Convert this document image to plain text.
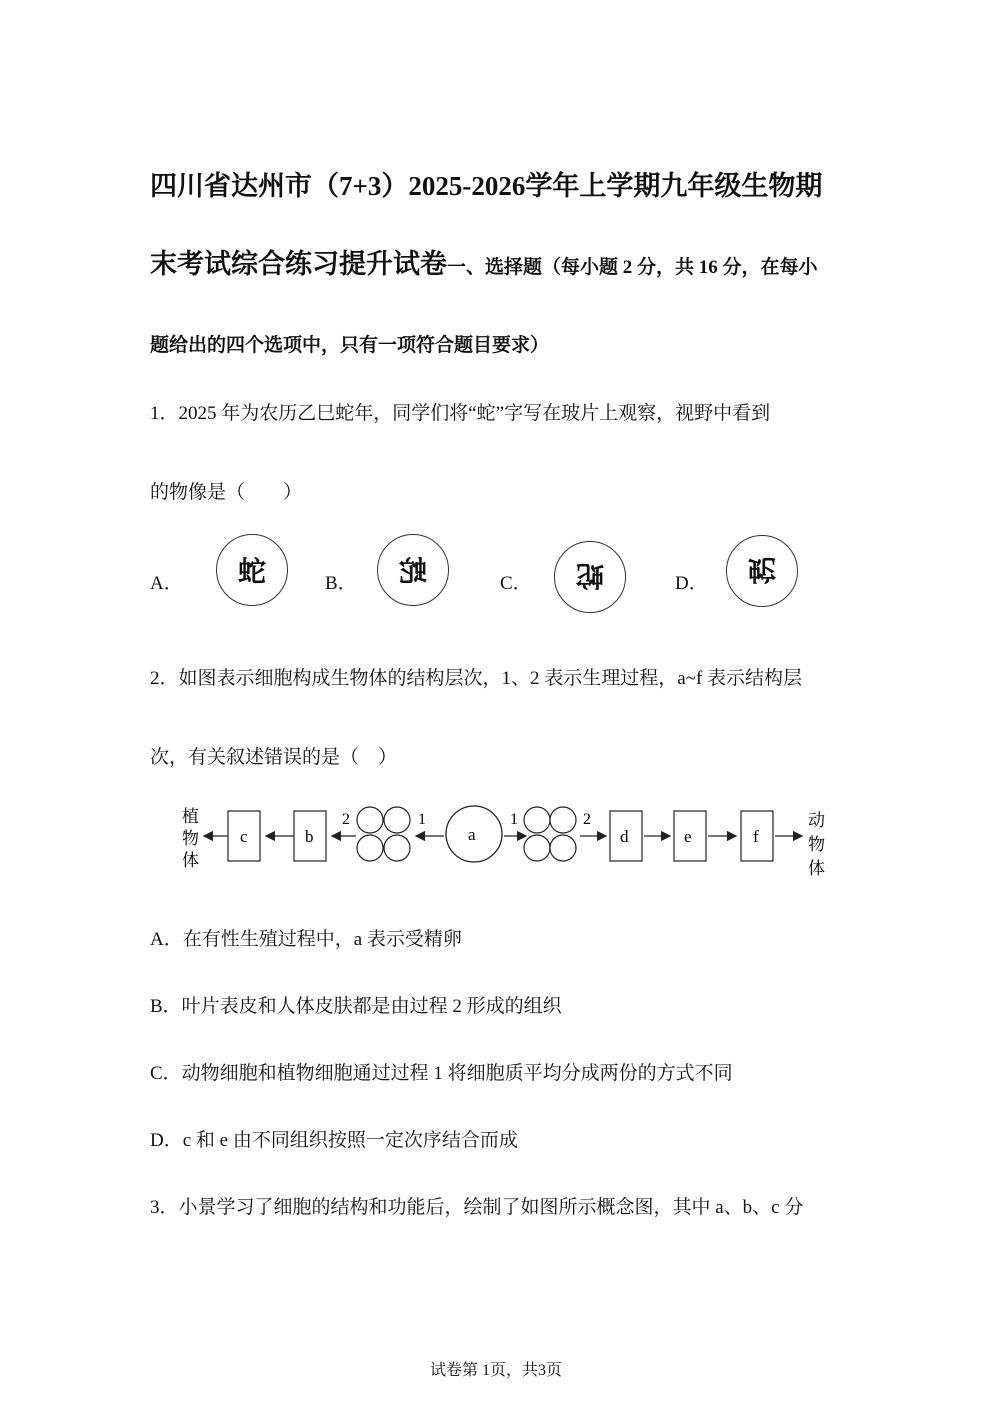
四川省达州市（7+3）2025-2026学年上学期九年级生物期
末考试综合练习提升试卷一、选择题（每小题 2 分，共 16 分，在每小
题给出的四个选项中，只有一项符合题目要求）
1．2025 年为农历乙巳蛇年，同学们将“蛇”字写在玻片上观察，视野中看到
的物像是（　　）
A． 蛇	B． 蛇	C． 蛇	D． 蛇
2．如图表示细胞构成生物体的结构层次，1、2 表示生理过程，a~f 表示结构层
次，有关叙述错误的是（　）
植
物
体
c	b
2	1
a
1	2
d	e	f
动
物
体
A．在有性生殖过程中，a 表示受精卵
B．叶片表皮和人体皮肤都是由过程 2 形成的组织
C．动物细胞和植物细胞通过过程 1 将细胞质平均分成两份的方式不同
D．c 和 e 由不同组织按照一定次序结合而成
3．小景学习了细胞的结构和功能后，绘制了如图所示概念图，其中 a、b、c 分
试卷第 1页，共3页
